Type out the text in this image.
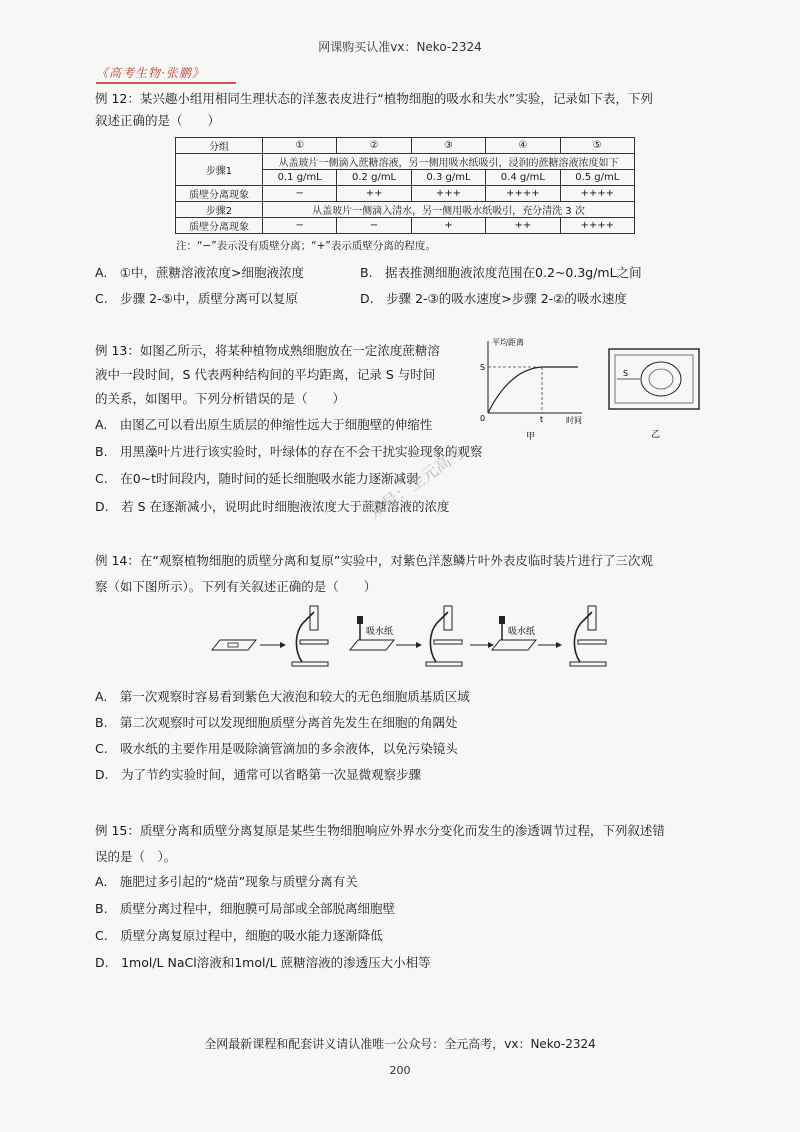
网课购买认准vx：Neko-2324
《高考生物·张鹏》
例 12：某兴趣小组用相同生理状态的洋葱表皮进行“植物细胞的吸水和失水”实验，记录如下表，下列
叙述正确的是（　　）
分组	①	②	③	④	⑤
步骤1	从盖玻片一侧滴入蔗糖溶液，另一侧用吸水纸吸引，浸润的蔗糖溶液浓度如下				
	0.1 g/mL	0.2 g/mL	0.3 g/mL	0.4 g/mL	0.5 g/mL
质壁分离现象	−	++	+++	++++	++++
步骤2	从盖玻片一侧滴入清水，另一侧用吸水纸吸引，充分清洗 3 次				
质壁分离现象	−	−	+	++	++++
注：“−”表示没有质壁分离；“+”表示质壁分离的程度。
A.　①中，蔗糖溶液浓度>细胞液浓度	B.　据表推测细胞液浓度范围在0.2~0.3g/mL之间
C.　步骤 2-⑤中，质壁分离可以复原	D.　步骤 2-③的吸水速度>步骤 2-②的吸水速度
例 13：如图乙所示，将某种植物成熟细胞放在一定浓度蔗糖溶
液中一段时间，S 代表两种结构间的平均距离，记录 S 与时间
的关系，如图甲。下列分析错误的是（　　）
平均距离
S
0	t	时间
甲
S
乙
A.　由图乙可以看出原生质层的伸缩性远大于细胞壁的伸缩性
B.　用黑藻叶片进行该实验时，叶绿体的存在不会干扰实验现象的观察
C.　在0~t时间段内，随时间的延长细胞吸水能力逐渐减弱
D.　若 S 在逐渐减小，说明此时细胞液浓度大于蔗糖溶液的浓度
众号：全元高考
例 14：在“观察植物细胞的质壁分离和复原”实验中，对紫色洋葱鳞片叶外表皮临时装片进行了三次观
察（如下图所示）。下列有关叙述正确的是（　　）
吸水纸	吸水纸
A.　第一次观察时容易看到紫色大液泡和较大的无色细胞质基质区域
B.　第二次观察时可以发现细胞质壁分离首先发生在细胞的角隅处
C.　吸水纸的主要作用是吸除滴管滴加的多余液体，以免污染镜头
D.　为了节约实验时间，通常可以省略第一次显微观察步骤
例 15：质壁分离和质壁分离复原是某些生物细胞响应外界水分变化而发生的渗透调节过程，下列叙述错
误的是（　）。
A.　施肥过多引起的“烧苗”现象与质壁分离有关
B.　质壁分离过程中，细胞膜可局部或全部脱离细胞壁
C.　质壁分离复原过程中，细胞的吸水能力逐渐降低
D.　1mol/L NaCl溶液和1mol/L 蔗糖溶液的渗透压大小相等
全网最新课程和配套讲义请认准唯一公众号：全元高考，vx：Neko-2324
200
